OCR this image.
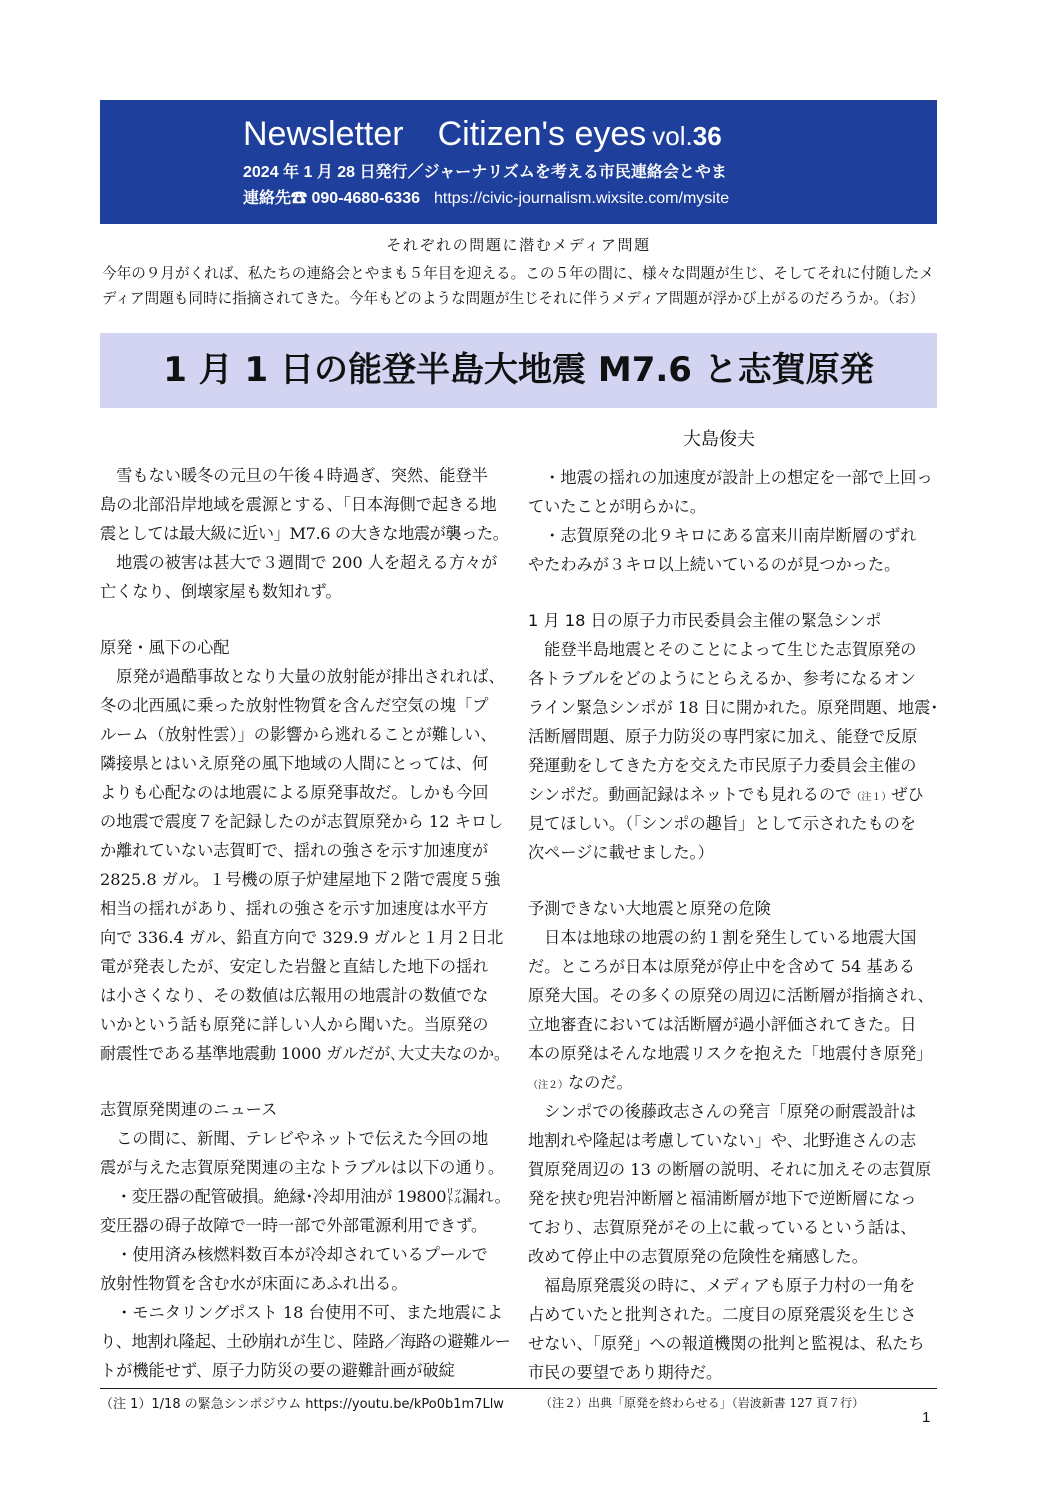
Newsletter　Citizen's eyes vol.36
2024 年 1 月 28 日発行／ジャーナリズムを考える市民連絡会とやま
連絡先☎ 090-4680-6336 https://civic-journalism.wixsite.com/mysite
それぞれの問題に潜むメディア問題
今年の９月がくれば、私たちの連絡会とやまも５年目を迎える。この５年の間に、様々な問題が生じ、そしてそれに付随したメ
ディア問題も同時に指摘されてきた。今年もどのような問題が生じそれに伴うメディア問題が浮かび上がるのだろうか。（お）
1 月 1 日の能登半島大地震 M7.6 と志賀原発
大島俊夫
　雪もない暖冬の元旦の午後４時過ぎ、突然、能登半
島の北部沿岸地域を震源とする、「日本海側で起きる地
震としては最大級に近い」M7.6 の大きな地震が襲った。
　地震の被害は甚大で３週間で 200 人を超える方々が
亡くなり、倒壊家屋も数知れず。
原発・風下の心配
　原発が過酷事故となり大量の放射能が排出されれば、
冬の北西風に乗った放射性物質を含んだ空気の塊「プ
ルーム（放射性雲）」の影響から逃れることが難しい、
隣接県とはいえ原発の風下地域の人間にとっては、何
よりも心配なのは地震による原発事故だ。しかも今回
の地震で震度７を記録したのが志賀原発から 12 キロし
か離れていない志賀町で、揺れの強さを示す加速度が
2825.8 ガル。１号機の原子炉建屋地下２階で震度５強
相当の揺れがあり、揺れの強さを示す加速度は水平方
向で 336.4 ガル、鉛直方向で 329.9 ガルと１月２日北
電が発表したが、安定した岩盤と直結した地下の揺れ
は小さくなり、その数値は広報用の地震計の数値でな
いかという話も原発に詳しい人から聞いた。当原発の
耐震性である基準地震動 1000 ガルだが､大丈夫なのか。
志賀原発関連のニュース
　この間に、新聞、テレビやネットで伝えた今回の地
震が与えた志賀原発関連の主なトラブルは以下の通り。
　・変圧器の配管破損。絶縁･冷却用油が 19800㍑漏れ。
変圧器の碍子故障で一時一部で外部電源利用できず。
　・使用済み核燃料数百本が冷却されているプールで
放射性物質を含む水が床面にあふれ出る。
　・モニタリングポスト 18 台使用不可、また地震によ
り、地割れ隆起、土砂崩れが生じ、陸路／海路の避難ルー
トが機能せず、原子力防災の要の避難計画が破綻
　・地震の揺れの加速度が設計上の想定を一部で上回っ
ていたことが明らかに。
　・志賀原発の北９キロにある富来川南岸断層のずれ
やたわみが３キロ以上続いているのが見つかった。
1 月 18 日の原子力市民委員会主催の緊急シンポ
　能登半島地震とそのことによって生じた志賀原発の
各トラブルをどのようにとらえるか、参考になるオン
ライン緊急シンポが 18 日に開かれた。原発問題、地震･
活断層問題、原子力防災の専門家に加え、能登で反原
発運動をしてきた方を交えた市民原子力委員会主催の
シンポだ。動画記録はネットでも見れるので（注１）ぜひ
見てほしい。（「シンポの趣旨」として示されたものを
次ページに載せました。）
予測できない大地震と原発の危険
　日本は地球の地震の約１割を発生している地震大国
だ。ところが日本は原発が停止中を含めて 54 基ある
原発大国。その多くの原発の周辺に活断層が指摘され、
立地審査においては活断層が過小評価されてきた。日
本の原発はそんな地震リスクを抱えた「地震付き原発」
（注２）なのだ。
　シンポでの後藤政志さんの発言「原発の耐震設計は
地割れや隆起は考慮していない」や、北野進さんの志
賀原発周辺の 13 の断層の説明、それに加えその志賀原
発を挟む兜岩沖断層と福浦断層が地下で逆断層になっ
ており、志賀原発がその上に載っているという話は、
改めて停止中の志賀原発の危険性を痛感した。
　福島原発震災の時に、メディアも原子力村の一角を
占めていたと批判された。二度目の原発震災を生じさ
せない、「原発」への報道機関の批判と監視は、私たち
市民の要望であり期待だ。
（注 1）1/18 の緊急シンポジウム https://youtu.be/kPo0b1m7Llw	（注２）出典「原発を終わらせる」（岩波新書 127 頁７行）
1
